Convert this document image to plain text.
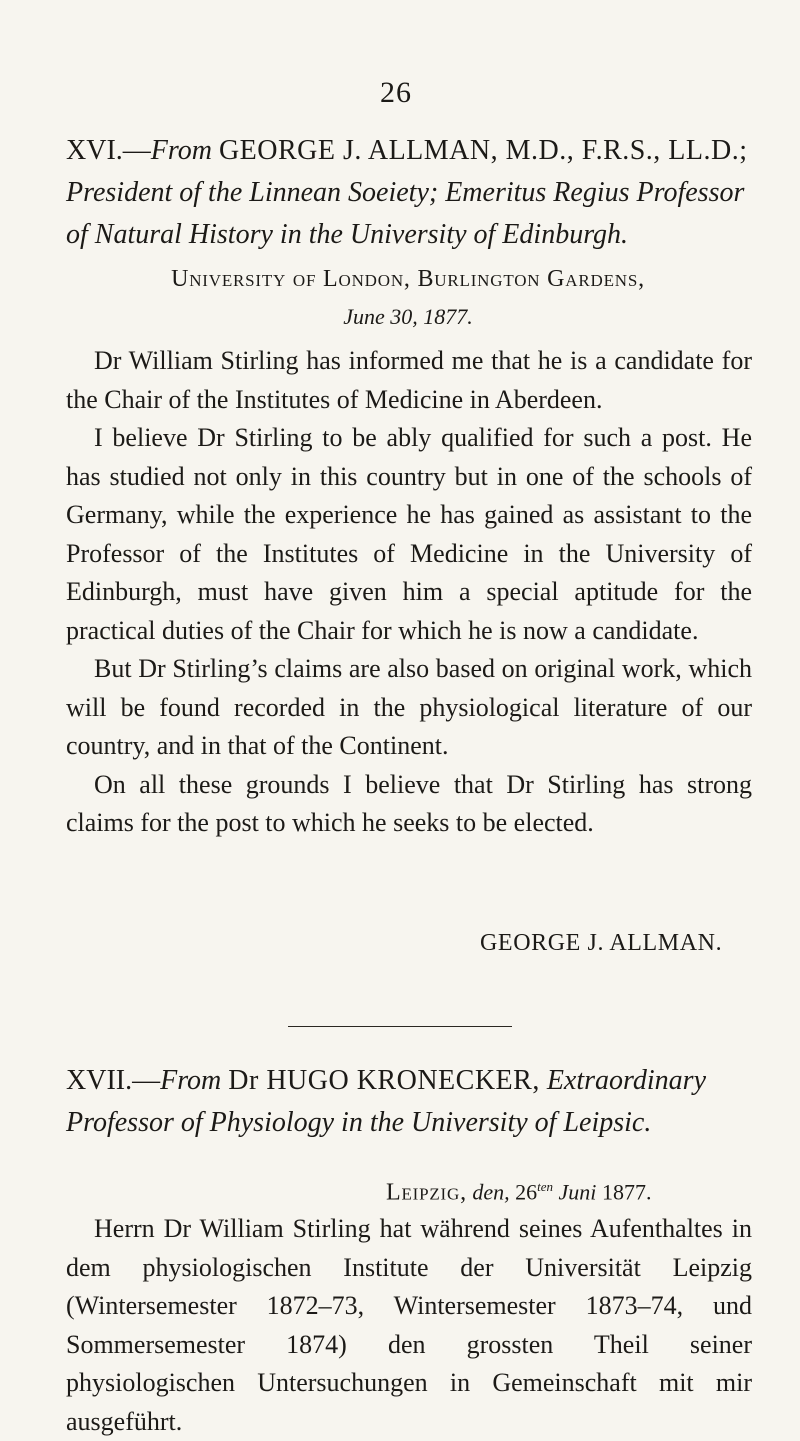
26
XVI.—From GEORGE J. ALLMAN, M.D., F.R.S., LL.D.;
President of the Linnean Soeiety; Emeritus Regius Professor
of Natural History in the University of Edinburgh.
University of London, Burlington Gardens,
June 30, 1877.

Dr William Stirling has informed me that he is a candidate for the Chair of the Institutes of Medicine in Aberdeen.

I believe Dr Stirling to be ably qualified for such a post. He has studied not only in this country but in one of the schools of Germany, while the experience he has gained as assistant to the Professor of the Institutes of Medicine in the University of Edinburgh, must have given him a special aptitude for the practical duties of the Chair for which he is now a candidate.

But Dr Stirling’s claims are also based on original work, which will be found recorded in the physiological literature of our country, and in that of the Continent.

On all these grounds I believe that Dr Stirling has strong claims for the post to which he seeks to be elected.

GEORGE J. ALLMAN.
XVII.—From Dr HUGO KRONECKER, Extraordinary
Professor of Physiology in the University of Leipsic.
Leipzig, den, $26^{ten}$ Juni 1877.

Herrn Dr William Stirling hat während seines Aufenthaltes in dem physiologischen Institute der Universität Leipzig (Wintersemester 1872–73, Wintersemester 1873–74, und Sommersemester 1874) den grossten Theil seiner physiologischen Untersuchungen in Gemeinschaft mit mir ausgeführt.
